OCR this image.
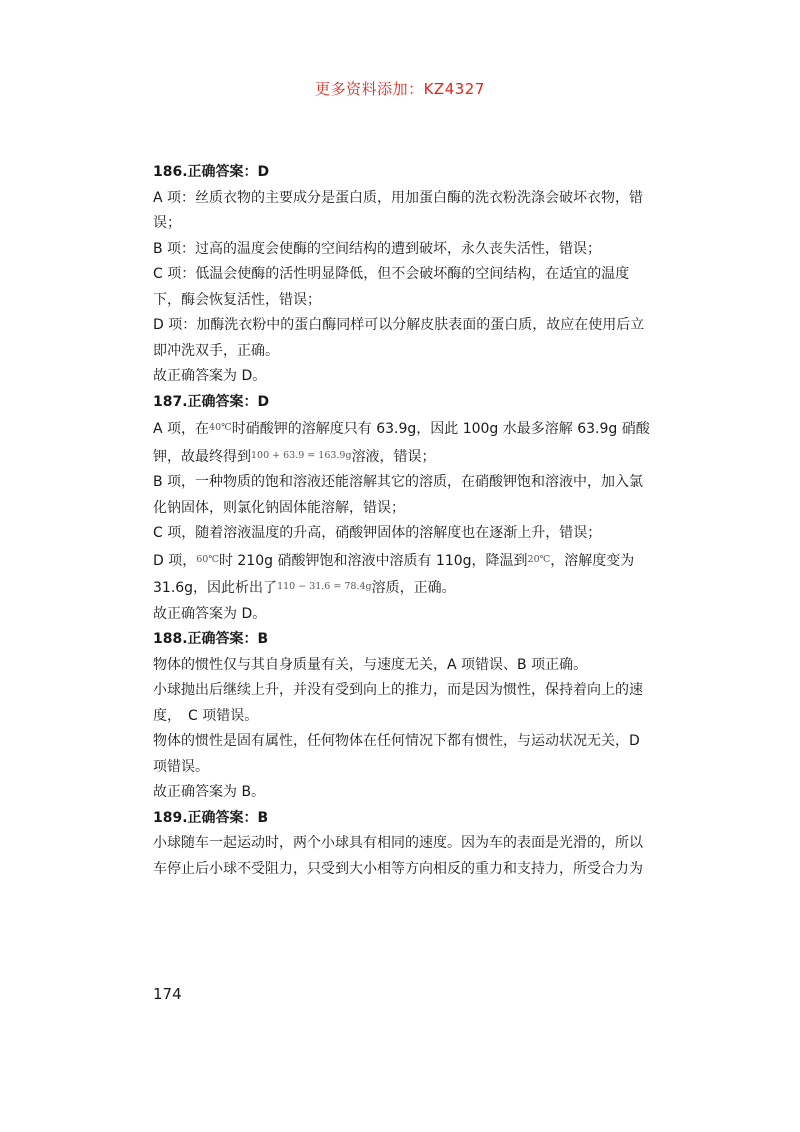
更多资料添加：KZ4327

186.正确答案：D

A 项：丝质衣物的主要成分是蛋白质，用加蛋白酶的洗衣粉洗涤会破坏衣物，错误；

B 项：过高的温度会使酶的空间结构的遭到破坏，永久丧失活性，错误；

C 项：低温会使酶的活性明显降低，但不会破坏酶的空间结构，在适宜的温度下，酶会恢复活性，错误；

D 项：加酶洗衣粉中的蛋白酶同样可以分解皮肤表面的蛋白质，故应在使用后立即冲洗双手，正确。

故正确答案为 D。

187.正确答案：D

A 项，在$^{40℃}$时硝酸钾的溶解度只有 63.9g，因此 100g 水最多溶解 63.9g 硝酸钾，故最终得到$^{100 + 63.9 = 163.9g}$溶液，错误；

B 项，一种物质的饱和溶液还能溶解其它的溶质，在硝酸钾饱和溶液中，加入氯化钠固体，则氯化钠固体能溶解，错误；

C 项，随着溶液温度的升高，硝酸钾固体的溶解度也在逐渐上升，错误；

D 项，$^{60℃}$时 210g 硝酸钾饱和溶液中溶质有 110g，降温到$^{20℃}$，溶解度变为 31.6g，因此析出了$^{110 - 31.6 = 78.4g}$溶质，正确。

故正确答案为 D。

188.正确答案：B

物体的惯性仅与其自身质量有关，与速度无关，A 项错误、B 项正确。

小球抛出后继续上升，并没有受到向上的推力，而是因为惯性，保持着向上的速度，　C 项错误。

物体的惯性是固有属性，任何物体在任何情况下都有惯性，与运动状况无关，D 项错误。

故正确答案为 B。

189.正确答案：B

小球随车一起运动时，两个小球具有相同的速度。因为车的表面是光滑的，所以车停止后小球不受阻力，只受到大小相等方向相反的重力和支持力，所受合力为

174
